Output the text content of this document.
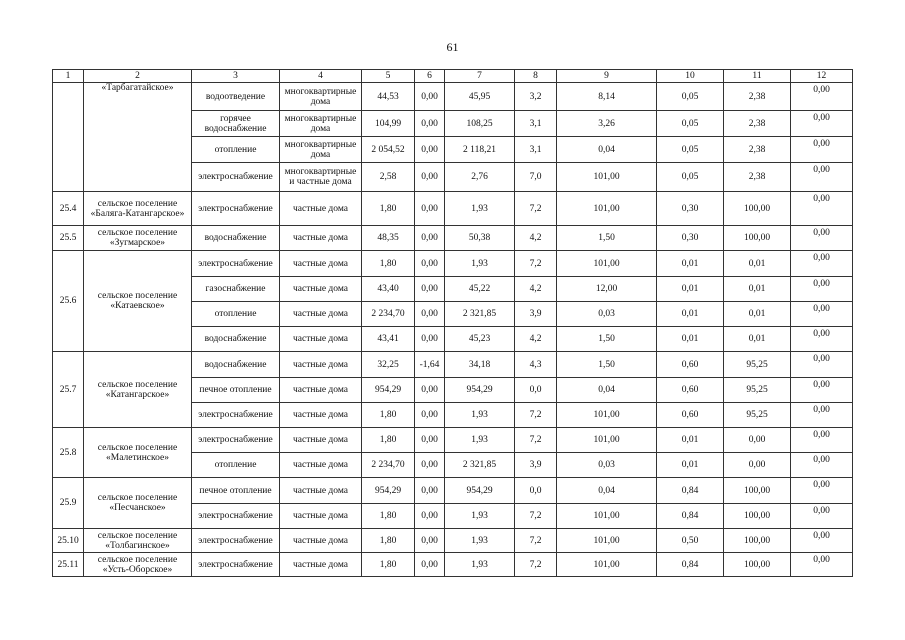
61
1	2	3	4	5	6	7	8	9	10	11	12
	«Тарбагатайское»	водоотведение	многоквартирные дома	44,53	0,00	45,95	3,2	8,14	0,05	2,38	0,00
		горячее водоснабжение	многоквартирные дома	104,99	0,00	108,25	3,1	3,26	0,05	2,38	0,00
		отопление	многоквартирные дома	2 054,52	0,00	2 118,21	3,1	0,04	0,05	2,38	0,00
		электроснабжение	многоквартирные и частные дома	2,58	0,00	2,76	7,0	101,00	0,05	2,38	0,00
25.4	сельское поселение «Баляга-Катангарское»	электроснабжение	частные дома	1,80	0,00	1,93	7,2	101,00	0,30	100,00	0,00
25.5	сельское поселение «Зугмарское»	водоснабжение	частные дома	48,35	0,00	50,38	4,2	1,50	0,30	100,00	0,00
25.6	сельское поселение «Катаевское»	электроснабжение	частные дома	1,80	0,00	1,93	7,2	101,00	0,01	0,01	0,00
		газоснабжение	частные дома	43,40	0,00	45,22	4,2	12,00	0,01	0,01	0,00
		отопление	частные дома	2 234,70	0,00	2 321,85	3,9	0,03	0,01	0,01	0,00
		водоснабжение	частные дома	43,41	0,00	45,23	4,2	1,50	0,01	0,01	0,00
25.7	сельское поселение «Катангарское»	водоснабжение	частные дома	32,25	-1,64	34,18	4,3	1,50	0,60	95,25	0,00
		печное отопление	частные дома	954,29	0,00	954,29	0,0	0,04	0,60	95,25	0,00
		электроснабжение	частные дома	1,80	0,00	1,93	7,2	101,00	0,60	95,25	0,00
25.8	сельское поселение «Малетинское»	электроснабжение	частные дома	1,80	0,00	1,93	7,2	101,00	0,01	0,00	0,00
		отопление	частные дома	2 234,70	0,00	2 321,85	3,9	0,03	0,01	0,00	0,00
25.9	сельское поселение «Песчанское»	печное отопление	частные дома	954,29	0,00	954,29	0,0	0,04	0,84	100,00	0,00
		электроснабжение	частные дома	1,80	0,00	1,93	7,2	101,00	0,84	100,00	0,00
25.10	сельское поселение «Толбагинское»	электроснабжение	частные дома	1,80	0,00	1,93	7,2	101,00	0,50	100,00	0,00
25.11	сельское поселение «Усть-Оборское»	электроснабжение	частные дома	1,80	0,00	1,93	7,2	101,00	0,84	100,00	0,00
